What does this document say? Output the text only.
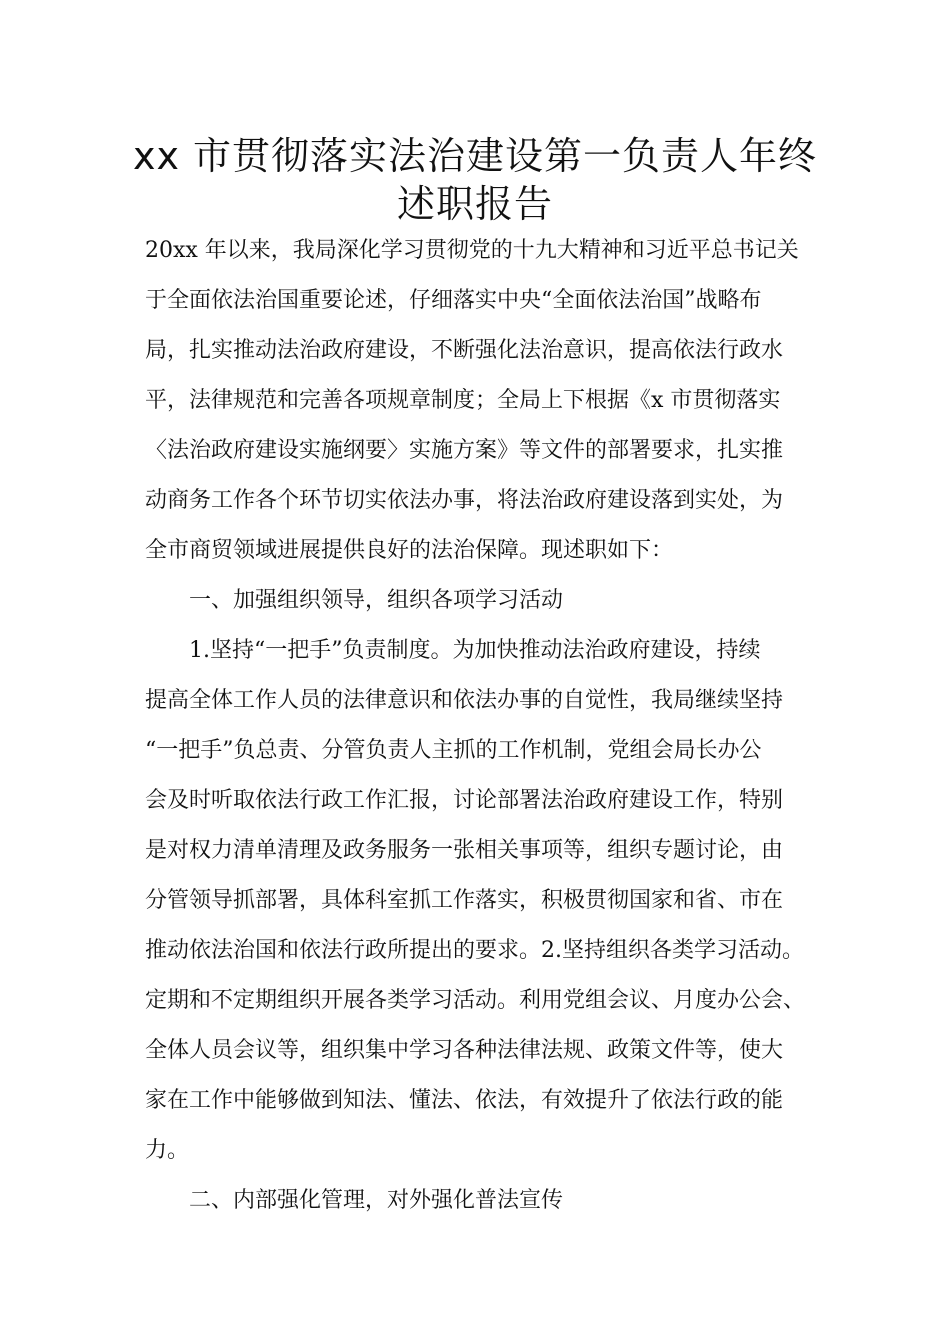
xx 市贯彻落实法治建设第一负责人年终
述职报告

20xx 年以来，我局深化学习贯彻党的十九大精神和习近平总书记关

于全面依法治国重要论述，仔细落实中央“全面依法治国”战略布

局，扎实推动法治政府建设，不断强化法治意识，提高依法行政水

平，法律规范和完善各项规章制度；全局上下根据《x 市贯彻落实

〈法治政府建设实施纲要〉实施方案》等文件的部署要求，扎实推

动商务工作各个环节切实依法办事，将法治政府建设落到实处，为

全市商贸领域进展提供良好的法治保障。现述职如下：

一、加强组织领导，组织各项学习活动

1.坚持“一把手”负责制度。为加快推动法治政府建设，持续

提高全体工作人员的法律意识和依法办事的自觉性，我局继续坚持

“一把手”负总责、分管负责人主抓的工作机制，党组会局长办公

会及时听取依法行政工作汇报，讨论部署法治政府建设工作，特别

是对权力清单清理及政务服务一张相关事项等，组织专题讨论，由

分管领导抓部署，具体科室抓工作落实，积极贯彻国家和省、市在

推动依法治国和依法行政所提出的要求。2.坚持组织各类学习活动。

定期和不定期组织开展各类学习活动。利用党组会议、月度办公会、

全体人员会议等，组织集中学习各种法律法规、政策文件等，使大

家在工作中能够做到知法、懂法、依法，有效提升了依法行政的能

力。

二、内部强化管理，对外强化普法宣传
